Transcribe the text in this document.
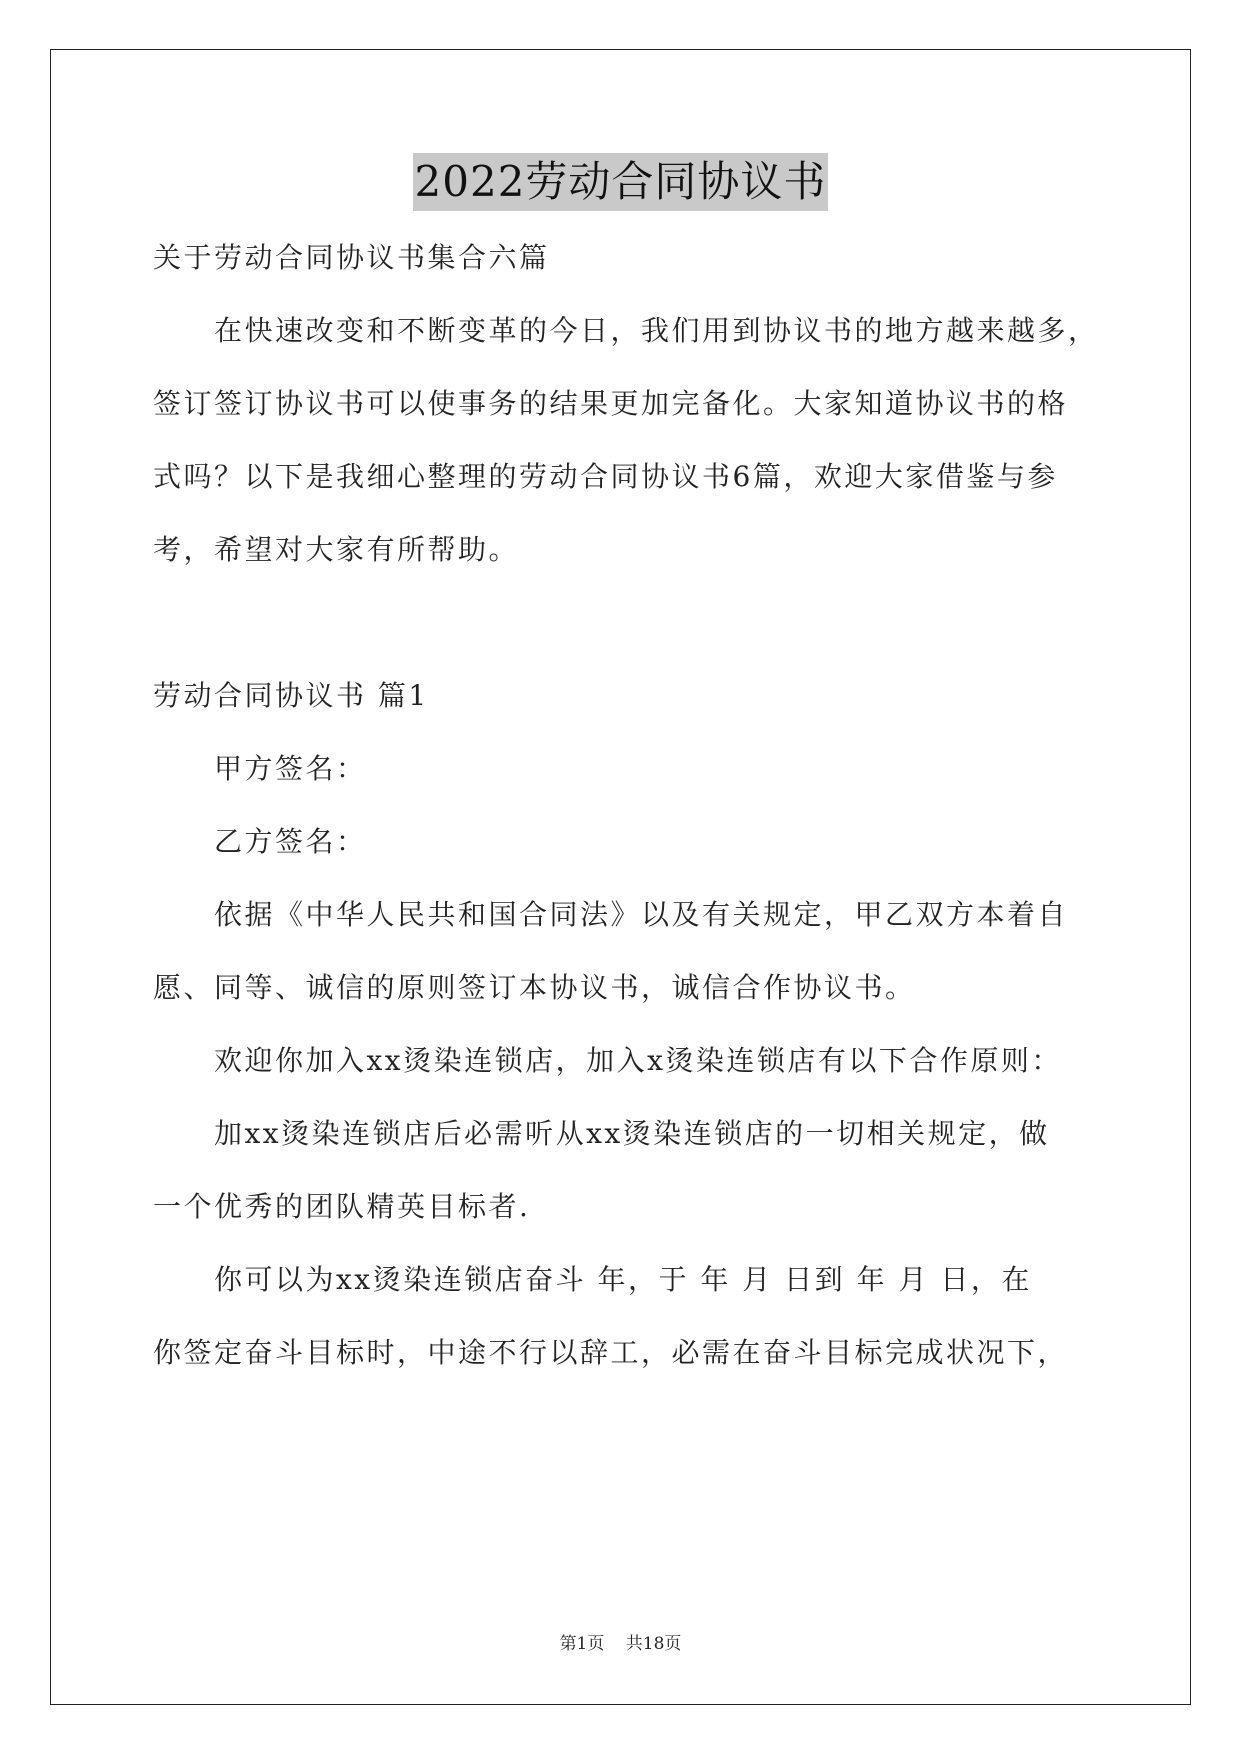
2022劳动合同协议书
关于劳动合同协议书集合六篇
在快速改变和不断变革的今日，我们用到协议书的地方越来越多，
签订签订协议书可以使事务的结果更加完备化。大家知道协议书的格
式吗？以下是我细心整理的劳动合同协议书6篇，欢迎大家借鉴与参
考，希望对大家有所帮助。
劳动合同协议书 篇1
甲方签名：
乙方签名：
依据《中华人民共和国合同法》以及有关规定，甲乙双方本着自
愿、同等、诚信的原则签订本协议书，诚信合作协议书。
欢迎你加入xx烫染连锁店，加入x烫染连锁店有以下合作原则：
加xx烫染连锁店后必需听从xx烫染连锁店的一切相关规定，做
一个优秀的团队精英目标者.
你可以为xx烫染连锁店奋斗 年，于 年 月 日到 年 月 日，在
你签定奋斗目标时，中途不行以辞工，必需在奋斗目标完成状况下，
第1页 共18页
